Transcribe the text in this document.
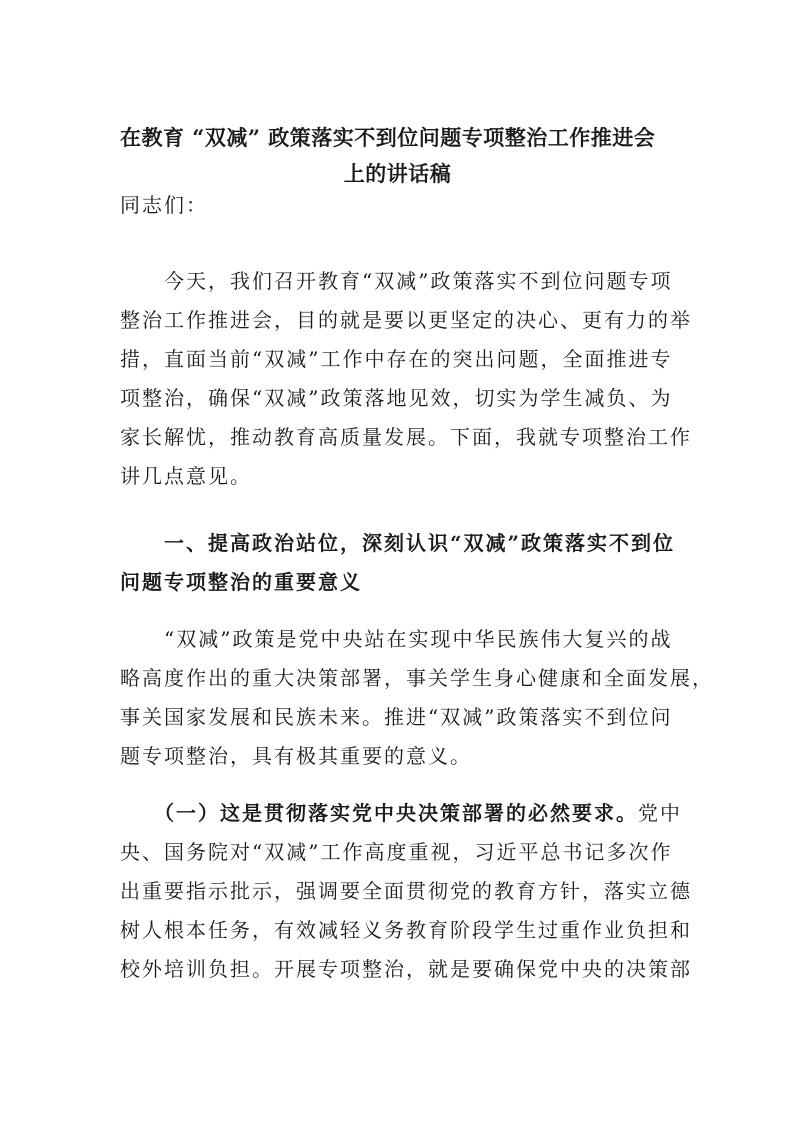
在教育 “双减” 政策落实不到位问题专项整治工作推进会
上的讲话稿
同志们：
　　今天，我们召开教育“双减”政策落实不到位问题专项
整治工作推进会，目的就是要以更坚定的决心、更有力的举
措，直面当前“双减”工作中存在的突出问题，全面推进专
项整治，确保“双减”政策落地见效，切实为学生减负、为
家长解忧，推动教育高质量发展。下面，我就专项整治工作
讲几点意见。
　　一、提高政治站位，深刻认识“双减”政策落实不到位
问题专项整治的重要意义
　　“双减”政策是党中央站在实现中华民族伟大复兴的战
略高度作出的重大决策部署，事关学生身心健康和全面发展，
事关国家发展和民族未来。推进“双减”政策落实不到位问
题专项整治，具有极其重要的意义。
　　（一）这是贯彻落实党中央决策部署的必然要求。党中
央、国务院对“双减”工作高度重视，习近平总书记多次作
出重要指示批示，强调要全面贯彻党的教育方针，落实立德
树人根本任务，有效减轻义务教育阶段学生过重作业负担和
校外培训负担。开展专项整治，就是要确保党中央的决策部
